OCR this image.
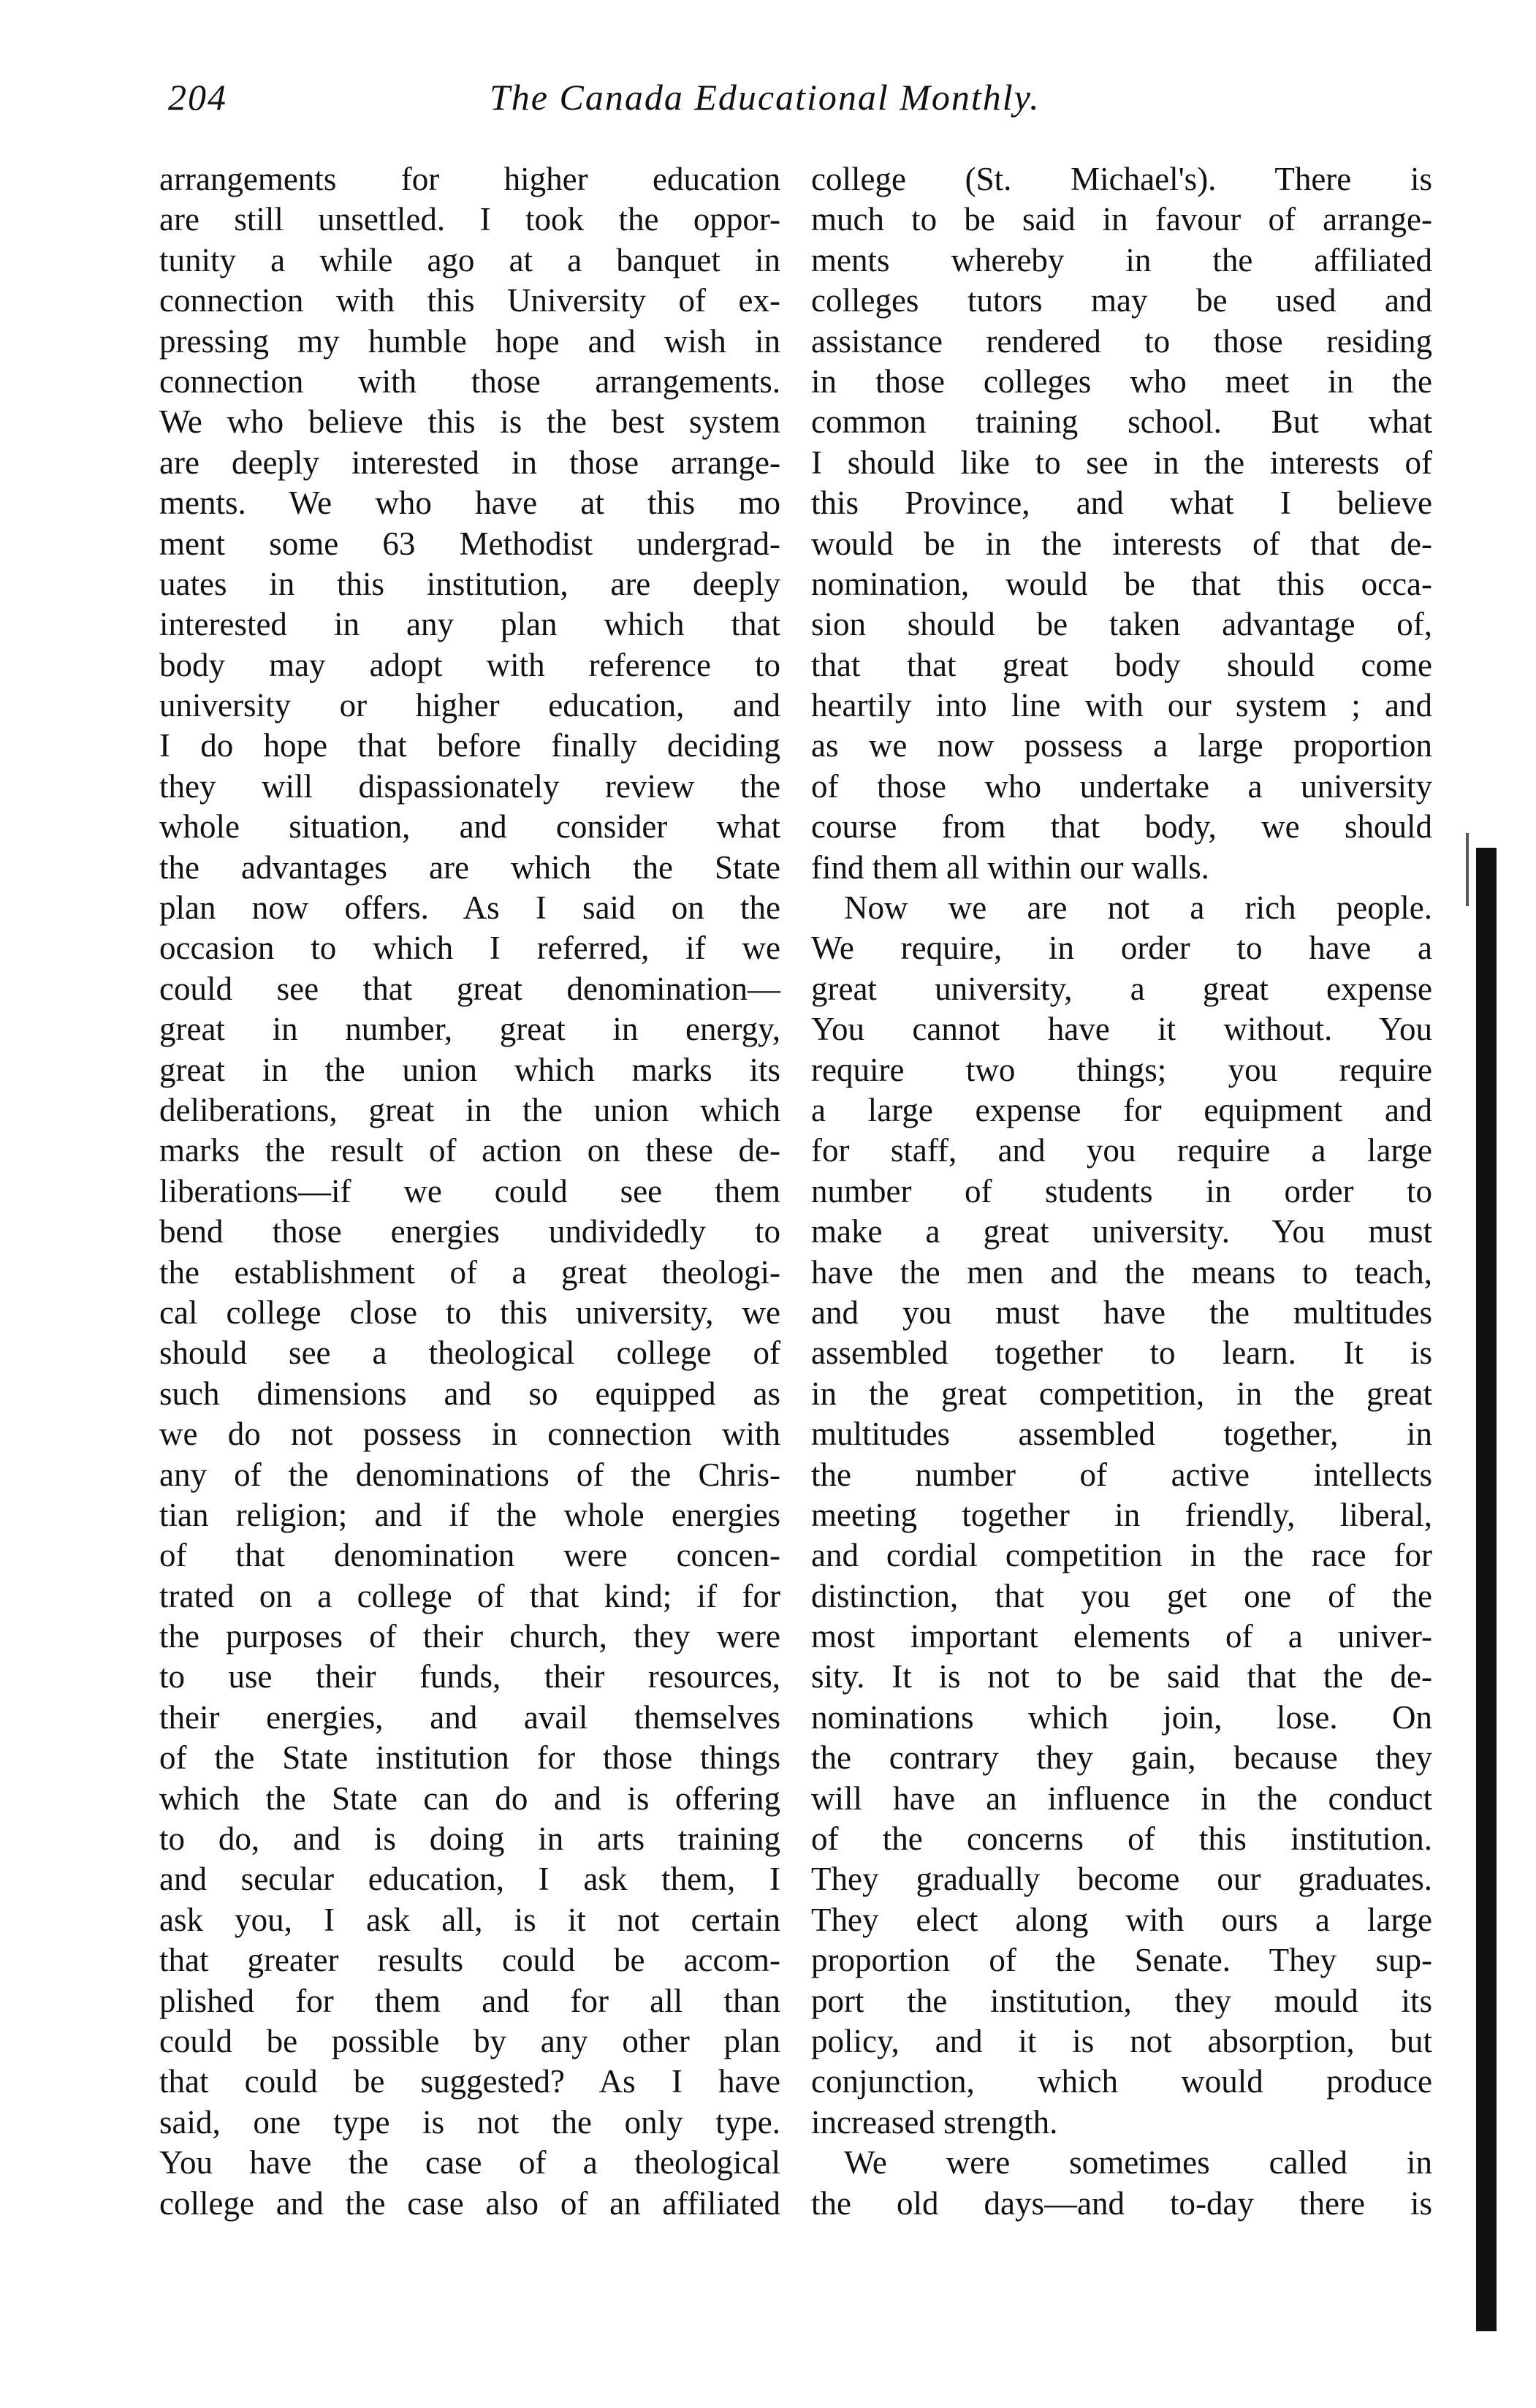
204	The Canada Educational Monthly.
arrangements for higher education
are still unsettled. I took the oppor-
tunity a while ago at a banquet in
connection with this University of ex-
pressing my humble hope and wish in
connection with those arrangements.
We who believe this is the best system
are deeply interested in those arrange-
ments. We who have at this mo
ment some 63 Methodist undergrad-
uates in this institution, are deeply
interested in any plan which that
body may adopt with reference to
university or higher education, and
I do hope that before finally deciding
they will dispassionately review the
whole situation, and consider what
the advantages are which the State
plan now offers. As I said on the
occasion to which I referred, if we
could see that great denomination—
great in number, great in energy,
great in the union which marks its
deliberations, great in the union which
marks the result of action on these de-
liberations—if we could see them
bend those energies undividedly to
the establishment of a great theologi-
cal college close to this university, we
should see a theological college of
such dimensions and so equipped as
we do not possess in connection with
any of the denominations of the Chris-
tian religion; and if the whole energies
of that denomination were concen-
trated on a college of that kind; if for
the purposes of their church, they were
to use their funds, their resources,
their energies, and avail themselves
of the State institution for those things
which the State can do and is offering
to do, and is doing in arts training
and secular education, I ask them, I
ask you, I ask all, is it not certain
that greater results could be accom-
plished for them and for all than
could be possible by any other plan
that could be suggested? As I have
said, one type is not the only type.
You have the case of a theological
college and the case also of an affiliated
college (St. Michael's). There is
much to be said in favour of arrange-
ments whereby in the affiliated
colleges tutors may be used and
assistance rendered to those residing
in those colleges who meet in the
common training school. But what
I should like to see in the interests of
this Province, and what I believe
would be in the interests of that de-
nomination, would be that this occa-
sion should be taken advantage of,
that that great body should come
heartily into line with our system ; and
as we now possess a large proportion
of those who undertake a university
course from that body, we should
find them all within our walls.
Now we are not a rich people.
We require, in order to have a
great university, a great expense
You cannot have it without. You
require two things; you require
a large expense for equipment and
for staff, and you require a large
number of students in order to
make a great university. You must
have the men and the means to teach,
and you must have the multitudes
assembled together to learn. It is
in the great competition, in the great
multitudes assembled together, in
the number of active intellects
meeting together in friendly, liberal,
and cordial competition in the race for
distinction, that you get one of the
most important elements of a univer-
sity. It is not to be said that the de-
nominations which join, lose. On
the contrary they gain, because they
will have an influence in the conduct
of the concerns of this institution.
They gradually become our graduates.
They elect along with ours a large
proportion of the Senate. They sup-
port the institution, they mould its
policy, and it is not absorption, but
conjunction, which would produce
increased strength.
We were sometimes called in
the old days—and to-day there is
